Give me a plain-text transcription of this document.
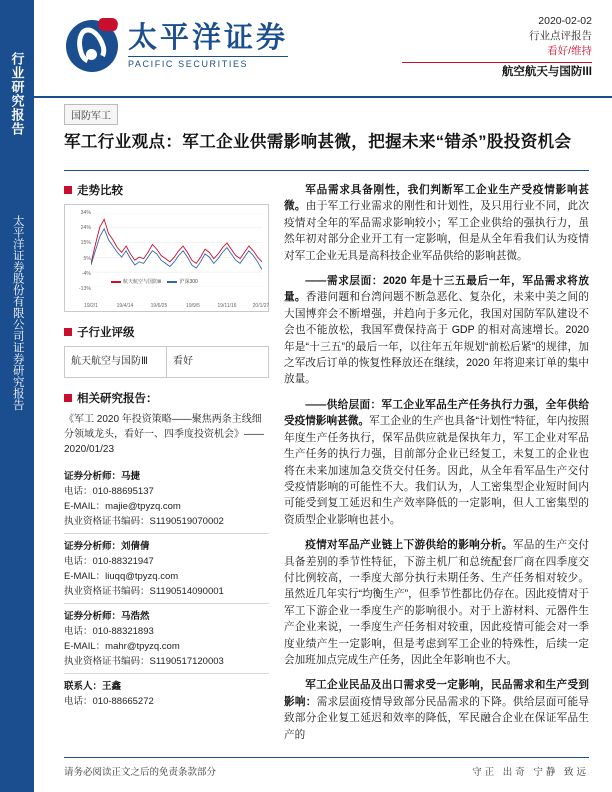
行业研究报告
太平洋证券股份有限公司证券研究报告
太平洋证券
PACIFIC SECURITIES
2020-02-02
行业点评报告
看好/维持
航空航天与国防III
国防军工
军工行业观点：军工企业供需影响甚微，把握未来“错杀”股投资机会
走势比较
34%
24%
15%
5%
-4%
-13%
19/2/1	19/4/14	19/6/25	19/9/5	19/11/16	20/1/27
航天航空与国防Ⅲ	沪深300
子行业评级
航天航空与国防Ⅲ	看好
相关研究报告：
《军工 2020 年投资策略——聚焦两条主线细分领域龙头，看好一、四季度投资机会》——2020/01/23
证券分析师：马捷
电话：010-88695137
E-MAIL：majie@tpyzq.com
执业资格证书编码：S1190519070002
证券分析师：刘倩倩
电话：010-88321947
E-MAIL：liuqq@tpyzq.com
执业资格证书编码：S1190514090001
证券分析师：马浩然
电话：010-88321893
E-MAIL：mahr@tpyzq.com
执业资格证书编码：S1190517120003
联系人：王鑫
电话：010-88665272

军品需求具备刚性，我们判断军工企业生产受疫情影响甚微。由于军工行业需求的刚性和计划性，及只用行业不同，此次疫情对全年的军品需求影响较小；军工企业供给的强执行力，虽然年初对部分企业开工有一定影响，但是从全年看我们认为疫情对军工企业无具是高科技企业军品供给的影响甚微。

——需求层面：2020 年是十三五最后一年，军品需求将放量。香港问题和台湾问题不断急恶化、复杂化，未来中美之间的大国博弈会不断增强，并趋向于多元化，我国对国防军队建设不会也不能放松，我国军费保持高于 GDP 的相对高速增长。2020 年是“十三五”的最后一年，以往年五年规划“前松后紧”的规律，加之军改后订单的恢复性释放还在继续，2020 年将迎来订单的集中放量。

——供给层面：军工企业军品生产任务执行力强，全年供给受疫情影响甚微。军工企业的生产也具备“计划性”特征，年内按照年度生产任务执行，保军品供应就是保执年力，军工企业对军品生产任务的执行力强，目前部分企业已经复工，未复工的企业也将在未来加速加急交货交付任务。因此，从全年看军品生产交付受疫情影响的可能性不大。我们认为，人工密集型企业短时间内可能受到复工延迟和生产效率降低的一定影响，但人工密集型的资质型企业影响也甚小。

疫情对军品产业链上下游供给的影响分析。军品的生产交付具备差别的季节性特征，下游主机厂和总统配套厂商在四季度交付比例较高，一季度大部分执行未期任务、生产任务相对较少。虽然近几年实行“均衡生产”，但季节性都比仍存在。因此疫情对于军工下游企业一季度生产的影响很小。对于上游材料、元器件生产企业来说，一季度生产任务相对较重，因此疫情可能会对一季度业绩产生一定影响，但是考虑到军工企业的特殊性，后续一定会加班加点完成生产任务，因此全年影响也不大。

军工企业民品及出口需求受一定影响，民品需求和生产受到影响：需求层面疫情导致部分民品需求的下降。供给层面可能导致部分企业复工延迟和效率的降低，军民融合企业在保证军品生产的

请务必阅读正文之后的免责条款部分	守正 出奇 宁静 致远
